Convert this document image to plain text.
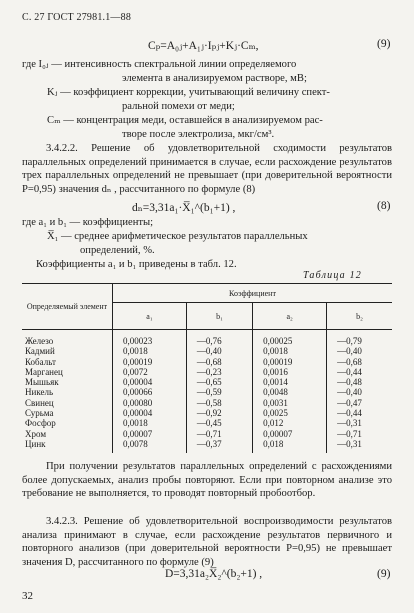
С. 27 ГОСТ 27981.1—88
Cₚ=A₀ⱼ+A₁ⱼ·Iₚⱼ+Kⱼ·Cₘ,	(9)
где I₀ⱼ — интенсивность спектральной линии определяемого
элемента в анализируемом растворе, мВ;
Kⱼ — коэффициент коррекции, учитывающий величину спект-
ральной помехи от меди;
Cₘ — концентрация меди, оставшейся в анализируемом рас-
творе после электролиза, мкг/см³.
3.4.2.2. Решение об удовлетворительной сходимости результатов параллельных определений принимается в случае, если расхождение результатов трех параллельных определений не превышает (при доверительной вероятности P=0,95) значения dₙ , рассчитанного по формуле (8)
dₙ=3,31a₁·X̅₁^(b₁+1) ,	(8)
где a₁ и b₁ — коэффициенты;
X̅₁ — среднее арифметическое результатов параллельных
определений, %.
Коэффициенты a₁ и b₁ приведены в табл. 12.
Таблица 12
Определяемый элемент	Коэффициент			
	a₁	b₁	a₂	b₂
Железо	0,00023	—0,76	0,00025	—0,79
Кадмий	0,0018	—0,40	0,0018	—0,40
Кобальт	0,00019	—0,68	0,00019	—0,68
Марганец	0,0072	—0,23	0,0016	—0,44
Мышьяк	0,00004	—0,65	0,0014	—0,48
Никель	0,00066	—0,59	0,0048	—0,40
Свинец	0,00080	—0,58	0,0031	—0,47
Сурьма	0,00004	—0,92	0,0025	—0,44
Фосфор	0,0018	—0,45	0,012	—0,31
Хром	0,00007	—0,71	0,00007	—0,71
Цинк	0,0078	—0,37	0,018	—0,31
При получении результатов параллельных определений с расхождениями более допускаемых, анализ пробы повторяют. Если при повторном анализе это требование не выполняется, то проводят повторный пробоотбор.
3.4.2.3. Решение об удовлетворительной воспроизводимости результатов анализа принимают в случае, если расхождение результатов первичного и повторного анализов (при доверительной вероятности P=0,95) не превышает значения D, рассчитанного по формуле (9)
D=3,31a₂X̅₂^(b₂+1) ,	(9)
32
